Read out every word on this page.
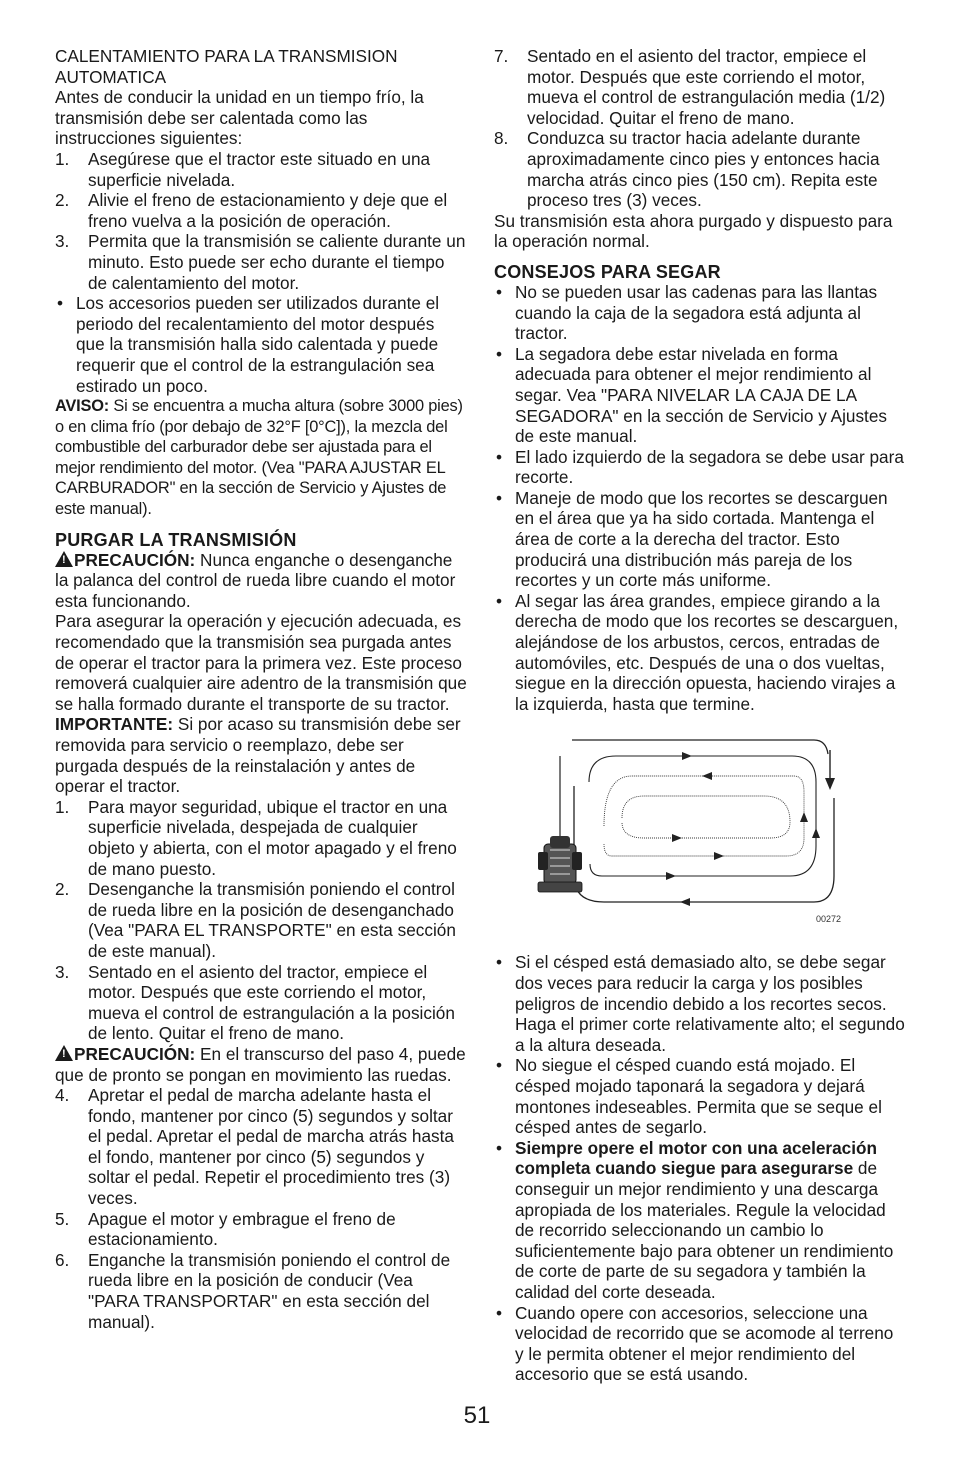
CALENTAMIENTO PARA LA TRANSMISION

AUTOMATICA

Antes de conducir la unidad en un tiempo frío, la transmisión debe ser calentada como las instrucciones siguientes:

1. Asegúrese que el tractor este situado en una superficie nivelada.
2. Alivie el freno de estacionamiento y deje que el freno vuelva a la posición de operación.
3. Permita que la transmisión se caliente durante un minuto. Esto puede ser echo durante el tiempo de calentamiento del motor.
• Los accesorios pueden ser utilizados durante el periodo del recalentamiento del motor después que la transmisión halla sido calentada y puede requerir que el control de la estrangulación sea estirado un poco.

AVISO: Si se encuentra a mucha altura (sobre 3000 pies) o en clima frío (por debajo de 32°F [0°C]), la mezcla del combustible del carburador debe ser ajustada para el mejor rendimiento del motor. (Vea "PARA AJUSTAR EL CARBURADOR" en la sección de Servicio y Ajustes de este manual).

PURGAR LA TRANSMISIÓN

!PRECAUCIÓN: Nunca enganche o desenganche la palanca del control de rueda libre cuando el motor esta funcionando.

Para asegurar la operación y ejecución adecuada, es recomendado que la transmisión sea purgada antes de operar el tractor para la primera vez. Este proceso removerá cualquier aire adentro de la transmisión que se halla formado durante el transporte de su tractor.

IMPORTANTE: Si por acaso su transmisión debe ser removida para servicio o reemplazo, debe ser purgada después de la reinstalación y antes de operar el tractor.

1. Para mayor seguridad, ubique el tractor en una superficie nivelada, despejada de cualquier objeto y abierta, con el motor apagado y el freno de mano puesto.
2. Desenganche la transmisión poniendo el control de rueda libre en la posición de desenganchado (Vea "PARA EL TRANSPORTE" en esta sección de este manual).
3. Sentado en el asiento del tractor, empiece el motor. Después que este corriendo el motor, mueva el control de estrangulación a la posición de lento. Quitar el freno de mano.

!PRECAUCIÓN: En el transcurso del paso 4, puede que de pronto se pongan en movimiento las ruedas.

4. Apretar el pedal de marcha adelante hasta el fondo, mantener por cinco (5) segundos y soltar el pedal. Apretar el pedal de marcha atrás hasta el fondo, mantener por cinco (5) segundos y soltar el pedal. Repetir el procedimiento tres (3) veces.
5. Apague el motor y embrague el freno de estacionamiento.
6. Enganche la transmisión poniendo el control de rueda libre en la posición de conducir (Vea "PARA TRANSPORTAR" en esta sección del manual).
7. Sentado en el asiento del tractor, empiece el motor. Después que este corriendo el motor, mueva el control de estrangulación media (1/2) velocidad. Quitar el freno de mano.
8. Conduzca su tractor hacia adelante durante aproximadamente cinco pies y entonces hacia marcha atrás cinco pies (150 cm). Repita este proceso tres (3) veces.

Su transmisión esta ahora purgado y dispuesto para la operación normal.

CONSEJOS PARA SEGAR

• No se pueden usar las cadenas para las llantas cuando la caja de la segadora está adjunta al tractor.
• La segadora debe estar nivelada en forma adecuada para obtener el mejor rendimiento al segar. Vea "PARA NIVELAR LA CAJA DE LA SEGADORA" en la sección de Servicio y Ajustes de este manual.
• El lado izquierdo de la segadora se debe usar para recorte.
• Maneje de modo que los recortes se descarguen en el área que ya ha sido cortada. Mantenga el área de corte a la derecha del tractor. Esto producirá una distribución más pareja de los recortes y un corte más uniforme.
• Al segar las área grandes, empiece girando a la derecha de modo que los recortes se descarguen, alejándose de los arbustos, cercos, entradas de automóviles, etc. Después de una o dos vueltas, siegue en la dirección opuesta, haciendo virajes a la izquierda, hasta que termine.
00272
• Si el césped está demasiado alto, se debe segar dos veces para reducir la carga y los posibles peligros de incendio debido a los recortes secos. Haga el primer corte relativamente alto; el segundo a la altura deseada.
• No siegue el césped cuando está mojado. El césped mojado taponará la segadora y dejará montones indeseables. Permita que se seque el césped antes de segarlo.
• Siempre opere el motor con una aceleración completa cuando siegue para asegurarse de conseguir un mejor rendimiento y una descarga apropiada de los materiales. Regule la velocidad de recorrido seleccionando un cambio lo suficientemente bajo para obtener un rendimiento de corte de parte de su segadora y también la calidad del corte deseada.
• Cuando opere con accesorios, seleccione una velocidad de recorrido que se acomode al terreno y le permita obtener el mejor rendimiento del accesorio que se está usando.
51
